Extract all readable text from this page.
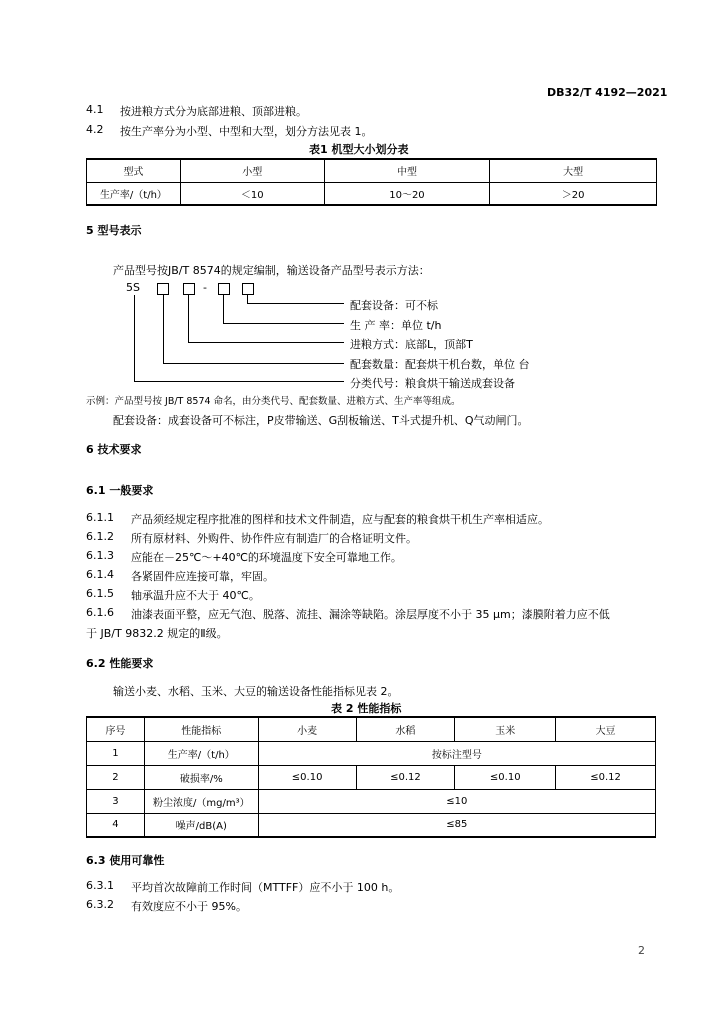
DB32/T 4192—2021
4.1 按进粮方式分为底部进粮、顶部进粮。
4.2 按生产率分为小型、中型和大型，划分方法见表 1。
表1 机型大小划分表
型式	小型	中型	大型
生产率/（t/h）	＜10	10～20	＞20
5 型号表示
产品型号按JB/T 8574的规定编制，输送设备产品型号表示方法：
5S	-
配套设备：可不标
生 产 率：单位 t/h
进粮方式：底部L，顶部T
配套数量：配套烘干机台数，单位 台
分类代号：粮食烘干输送成套设备
示例：产品型号按 JB/T 8574 命名，由分类代号、配套数量、进粮方式、生产率等组成。
配套设备：成套设备可不标注，P皮带输送、G刮板输送、T斗式提升机、Q气动闸门。
6 技术要求
6.1 一般要求
6.1.1 产品须经规定程序批准的图样和技术文件制造，应与配套的粮食烘干机生产率相适应。
6.1.2 所有原材料、外购件、协作件应有制造厂的合格证明文件。
6.1.3 应能在－25℃～+40℃的环境温度下安全可靠地工作。
6.1.4 各紧固件应连接可靠，牢固。
6.1.5 轴承温升应不大于 40℃。
6.1.6 油漆表面平整，应无气泡、脱落、流挂、漏涂等缺陷。涂层厚度不小于 35 μm；漆膜附着力应不低
于 JB/T 9832.2 规定的Ⅱ级。
6.2 性能要求
输送小麦、水稻、玉米、大豆的输送设备性能指标见表 2。
表 2 性能指标
序号	性能指标	小麦	水稻	玉米	大豆
1	生产率/（t/h）	按标注型号			
2	破损率/%	≤0.10	≤0.12	≤0.10	≤0.12
3	粉尘浓度/（mg/m³）	≤10			
4	噪声/dB(A)	≤85			
6.3 使用可靠性
6.3.1 平均首次故障前工作时间（MTTFF）应不小于 100 h。
6.3.2 有效度应不小于 95%。
2
